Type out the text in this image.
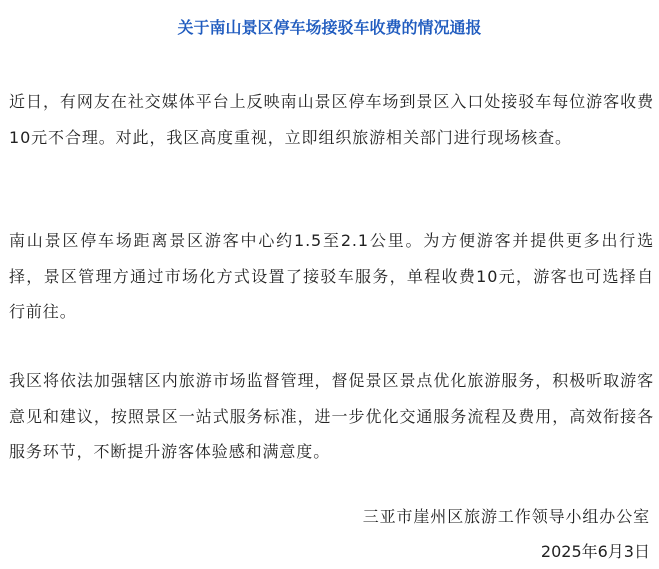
关于南山景区停车场接驳车收费的情况通报

近日，有网友在社交媒体平台上反映南山景区停车场到景区入口处接驳车每位游客收费10元不合理。对此，我区高度重视，立即组织旅游相关部门进行现场核查。

南山景区停车场距离景区游客中心约1.5至2.1公里。为方便游客并提供更多出行选择，景区管理方通过市场化方式设置了接驳车服务，单程收费10元，游客也可选择自行前往。

我区将依法加强辖区内旅游市场监督管理，督促景区景点优化旅游服务，积极听取游客意见和建议，按照景区一站式服务标准，进一步优化交通服务流程及费用，高效衔接各服务环节，不断提升游客体验感和满意度。

三亚市崖州区旅游工作领导小组办公室
2025年6月3日
